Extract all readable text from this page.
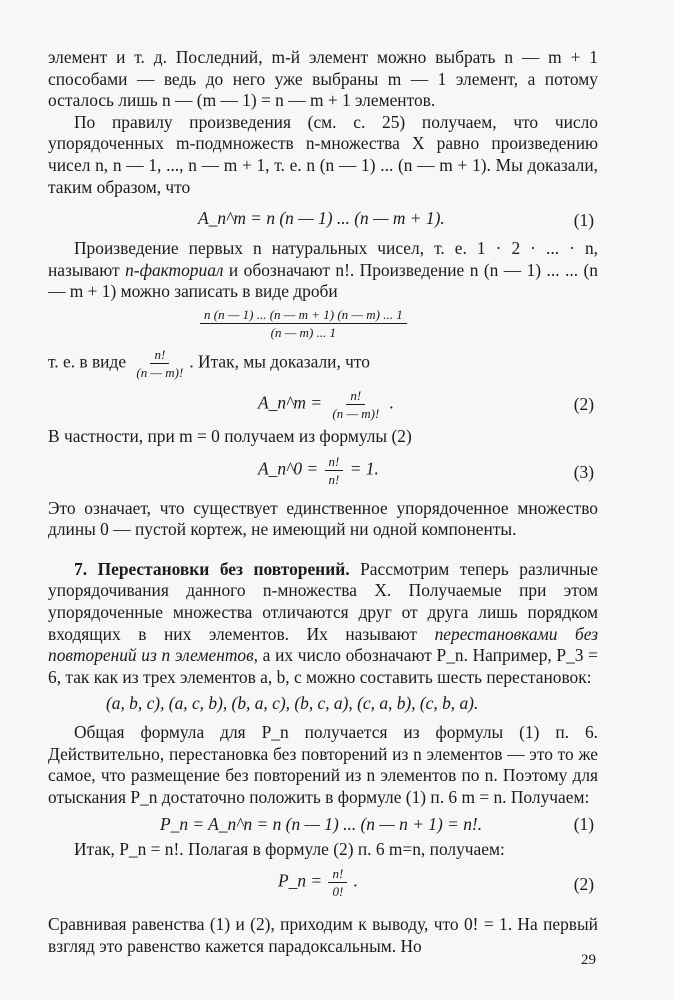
элемент и т. д. Последний, m-й элемент можно выбрать n — m + 1 способами — ведь до него уже выбраны m — 1 элемент, а потому осталось лишь n — (m — 1) = n — m + 1 элементов.

По правилу произведения (см. с. 25) получаем, что число упорядоченных m-подмножеств n-множества X равно произведению чисел n, n — 1, ..., n — m + 1, т. е. n (n — 1) ... (n — m + 1). Мы доказали, таким образом, что

A_n^m = n (n — 1) ... (n — m + 1).	(1)

Произведение первых n натуральных чисел, т. е. 1 · 2 · ... · n, называют n-факториал и обозначают n!. Произведение n (n — 1) ... ... (n — m + 1) можно записать в виде дроби

$\frac{n (n — 1) ... (n — m + 1) (n — m) ... 1}{(n — m) ... 1}$

т. е. в виде $\frac{n!}{(n — m)!}$ . Итак, мы доказали, что

A_n^m = $\frac{n!}{(n — m)!}$ .	(2)

В частности, при m = 0 получаем из формулы (2)

A_n^0 = $\frac{n!}{n!} = 1$.	(3)

Это означает, что существует единственное упорядоченное множество длины 0 — пустой кортеж, не имеющий ни одной компоненты.

7. Перестановки без повторений. Рассмотрим теперь различные упорядочивания данного n-множества X. Получаемые при этом упорядоченные множества отличаются друг от друга лишь порядком входящих в них элементов. Их называют перестановками без повторений из n элементов, а их число обозначают P_n. Например, P_3 = 6, так как из трех элементов a, b, c можно составить шесть перестановок:

(a, b, c), (a, c, b), (b, a, c), (b, c, a), (c, a, b), (c, b, a).

Общая формула для P_n получается из формулы (1) п. 6. Действительно, перестановка без повторений из n элементов — это то же самое, что размещение без повторений из n элементов по n. Поэтому для отыскания P_n достаточно положить в формуле (1) п. 6 m = n. Получаем:

P_n = A_n^n = n (n — 1) ... (n — n + 1) = n!.	(1)

Итак, P_n = n!. Полагая в формуле (2) п. 6 m=n, получаем:

P_n = $\frac{n!}{0!}$ .	(2)

Сравнивая равенства (1) и (2), приходим к выводу, что 0! = 1. На первый взгляд это равенство кажется парадоксальным. Но

29
